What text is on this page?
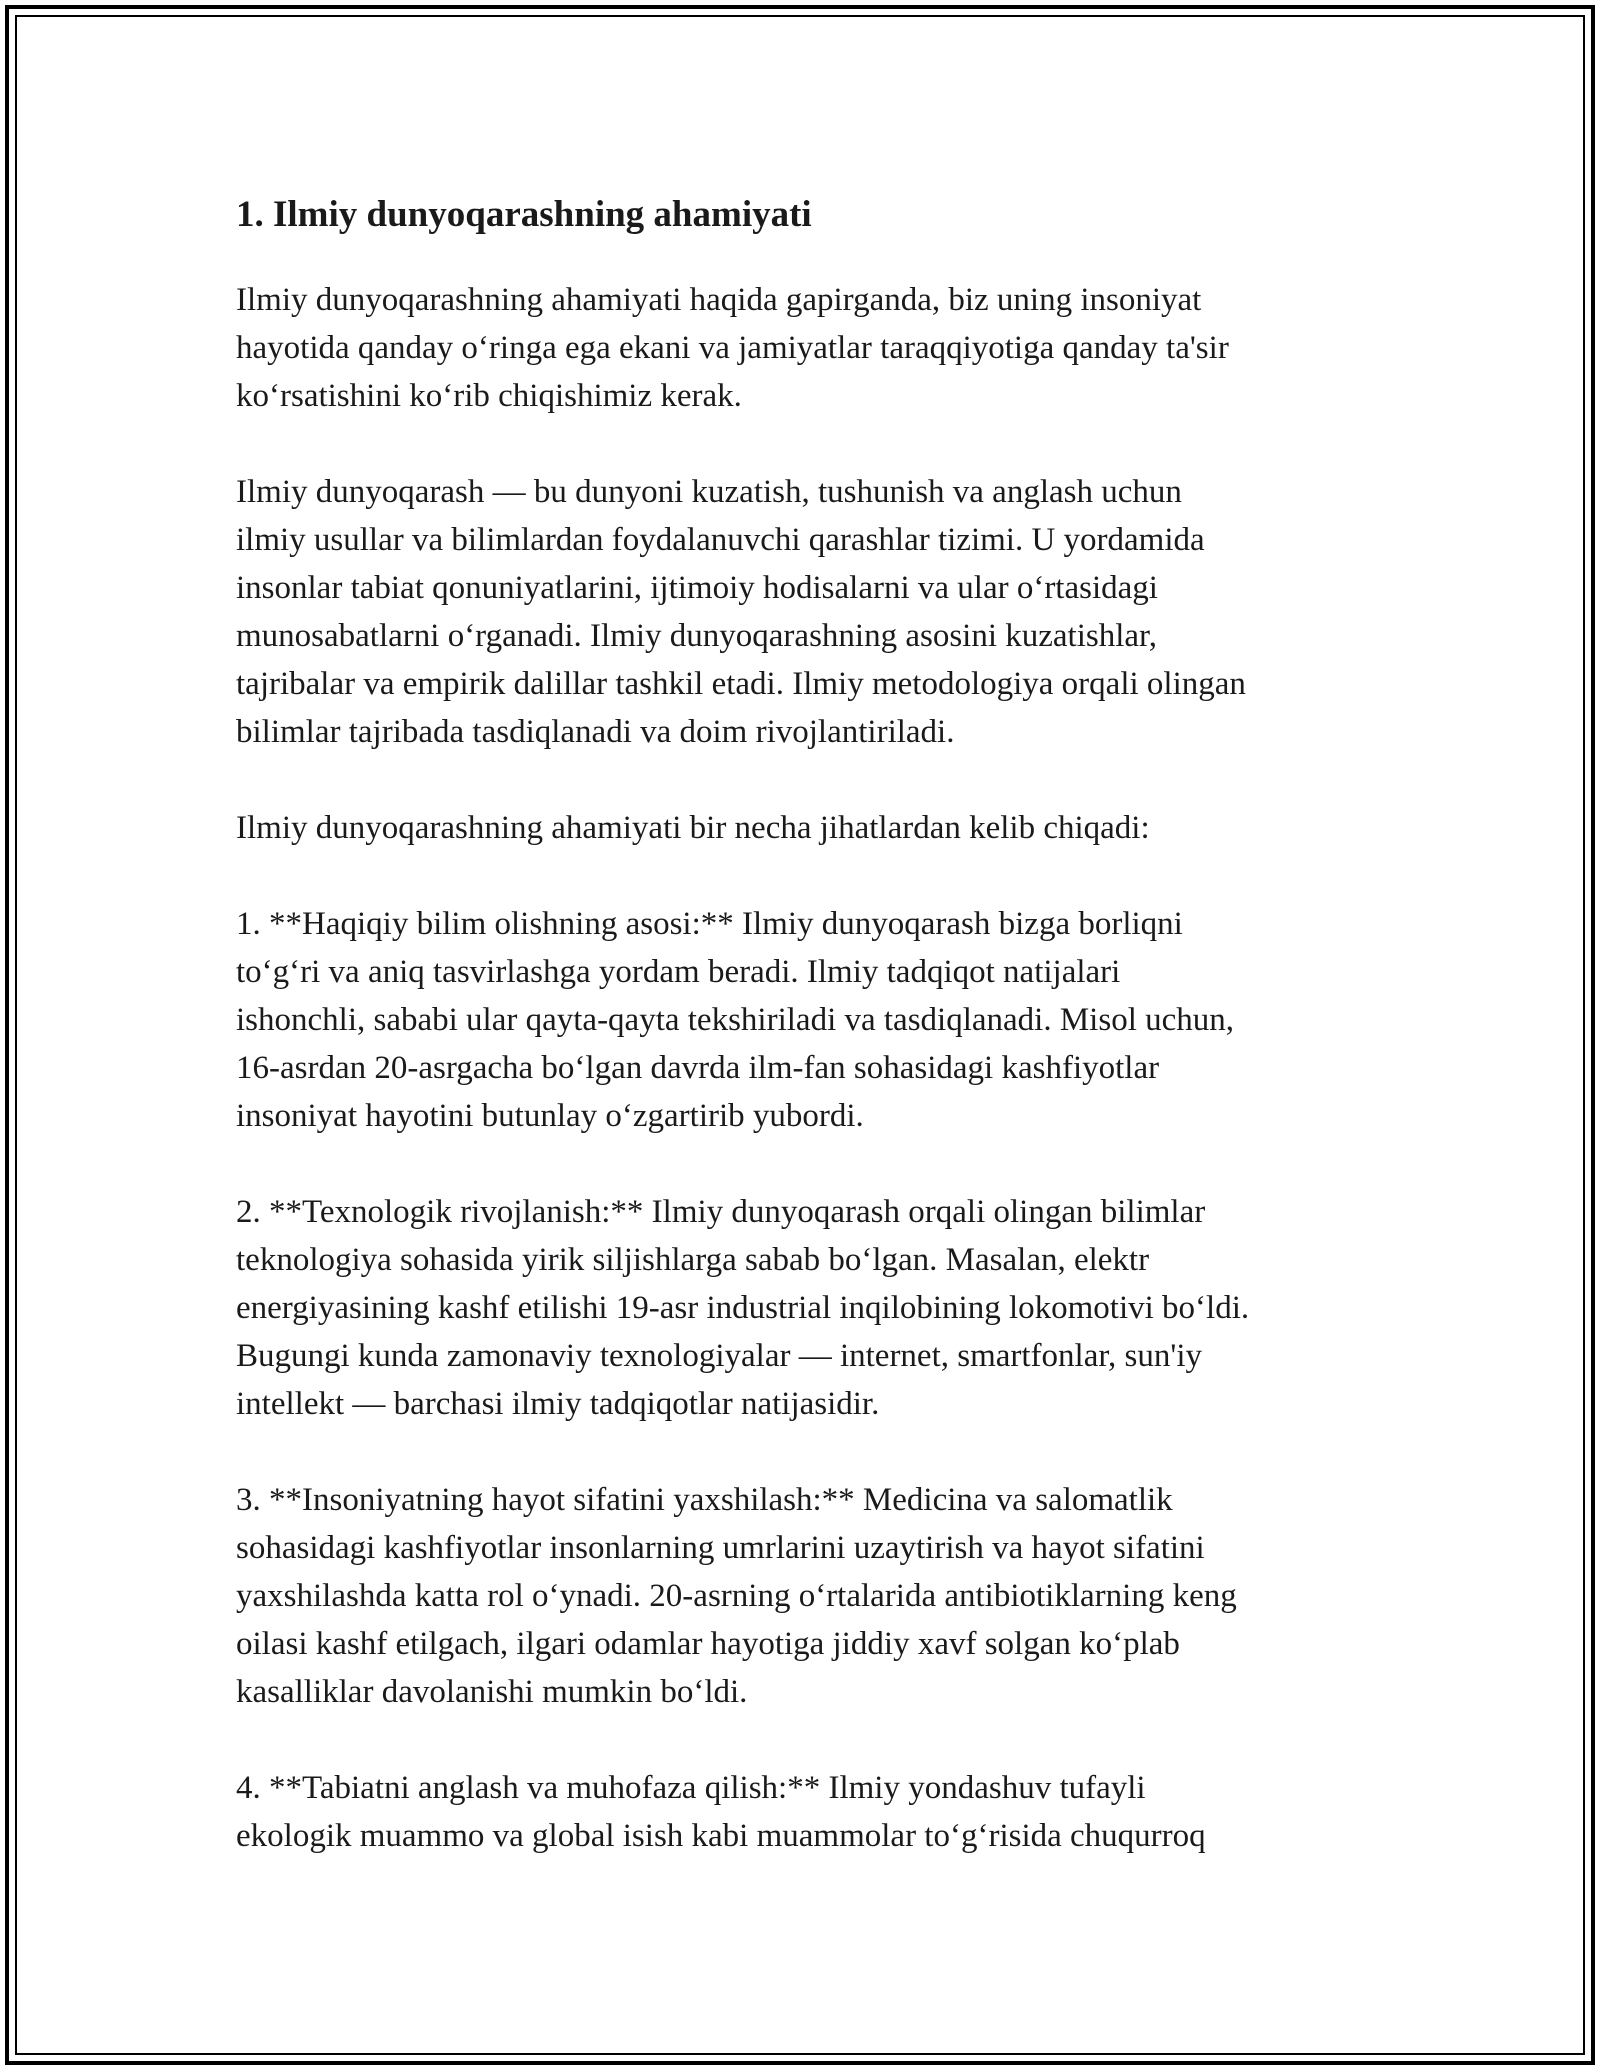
1. Ilmiy dunyoqarashning ahamiyati

Ilmiy dunyoqarashning ahamiyati haqida gapirganda, biz uning insoniyat
hayotida qanday o‘ringa ega ekani va jamiyatlar taraqqiyotiga qanday ta'sir
ko‘rsatishini ko‘rib chiqishimiz kerak.

Ilmiy dunyoqarash — bu dunyoni kuzatish, tushunish va anglash uchun
ilmiy usullar va bilimlardan foydalanuvchi qarashlar tizimi. U yordamida
insonlar tabiat qonuniyatlarini, ijtimoiy hodisalarni va ular o‘rtasidagi
munosabatlarni o‘rganadi. Ilmiy dunyoqarashning asosini kuzatishlar,
tajribalar va empirik dalillar tashkil etadi. Ilmiy metodologiya orqali olingan
bilimlar tajribada tasdiqlanadi va doim rivojlantiriladi.

Ilmiy dunyoqarashning ahamiyati bir necha jihatlardan kelib chiqadi:

1. **Haqiqiy bilim olishning asosi:** Ilmiy dunyoqarash bizga borliqni
to‘g‘ri va aniq tasvirlashga yordam beradi. Ilmiy tadqiqot natijalari
ishonchli, sababi ular qayta-qayta tekshiriladi va tasdiqlanadi. Misol uchun,
16-asrdan 20-asrgacha bo‘lgan davrda ilm-fan sohasidagi kashfiyotlar
insoniyat hayotini butunlay o‘zgartirib yubordi.

2. **Texnologik rivojlanish:** Ilmiy dunyoqarash orqali olingan bilimlar
teknologiya sohasida yirik siljishlarga sabab bo‘lgan. Masalan, elektr
energiyasining kashf etilishi 19-asr industrial inqilobining lokomotivi bo‘ldi.
Bugungi kunda zamonaviy texnologiyalar — internet, smartfonlar, sun'iy
intellekt — barchasi ilmiy tadqiqotlar natijasidir.

3. **Insoniyatning hayot sifatini yaxshilash:** Medicina va salomatlik
sohasidagi kashfiyotlar insonlarning umrlarini uzaytirish va hayot sifatini
yaxshilashda katta rol o‘ynadi. 20-asrning o‘rtalarida antibiotiklarning keng
oilasi kashf etilgach, ilgari odamlar hayotiga jiddiy xavf solgan ko‘plab
kasalliklar davolanishi mumkin bo‘ldi.

4. **Tabiatni anglash va muhofaza qilish:** Ilmiy yondashuv tufayli
ekologik muammo va global isish kabi muammolar to‘g‘risida chuqurroq
